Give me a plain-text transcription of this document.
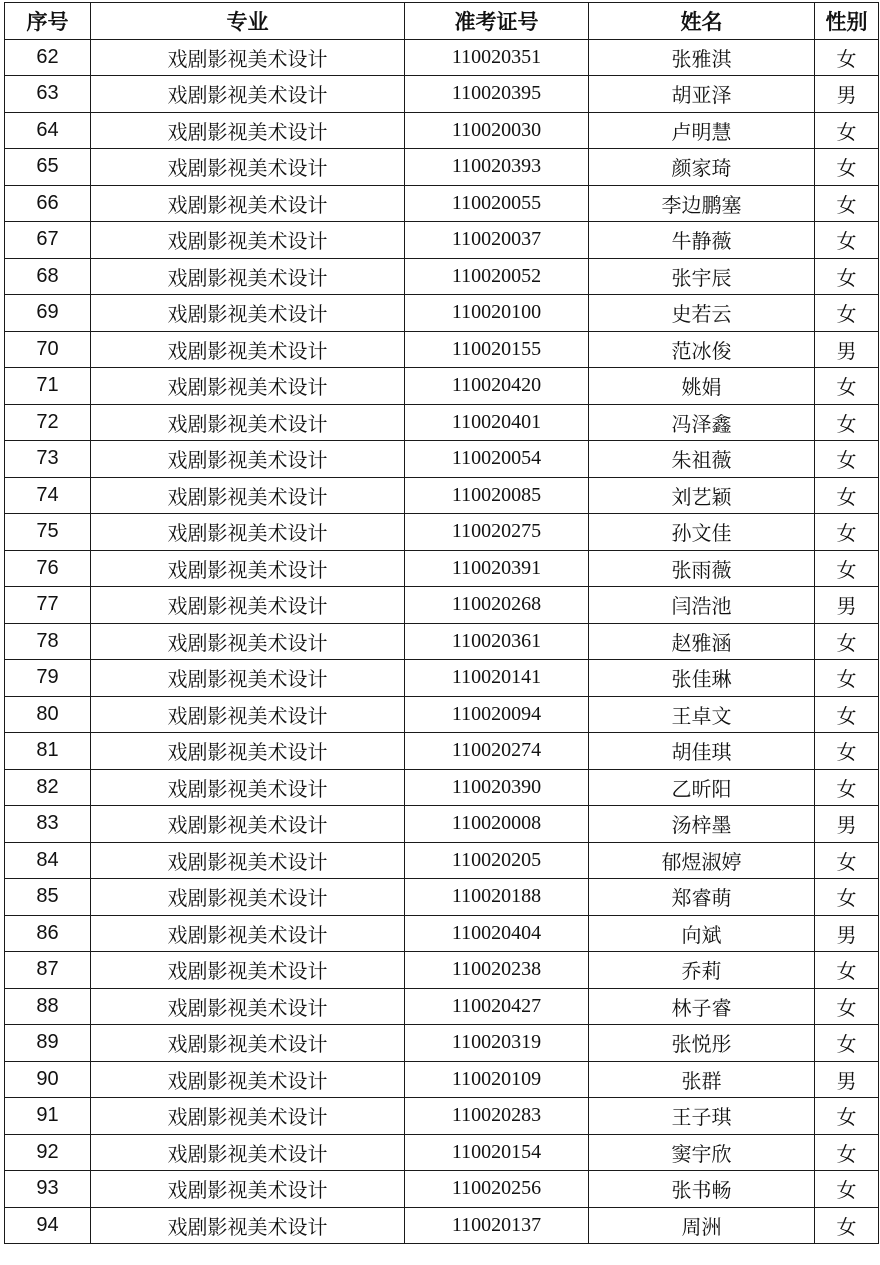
序号	专业	准考证号	姓名	性别
62	戏剧影视美术设计	110020351	张雅淇	女
63	戏剧影视美术设计	110020395	胡亚泽	男
64	戏剧影视美术设计	110020030	卢明慧	女
65	戏剧影视美术设计	110020393	颜家琦	女
66	戏剧影视美术设计	110020055	李边鹏塞	女
67	戏剧影视美术设计	110020037	牛静薇	女
68	戏剧影视美术设计	110020052	张宇辰	女
69	戏剧影视美术设计	110020100	史若云	女
70	戏剧影视美术设计	110020155	范冰俊	男
71	戏剧影视美术设计	110020420	姚娟	女
72	戏剧影视美术设计	110020401	冯泽鑫	女
73	戏剧影视美术设计	110020054	朱祖薇	女
74	戏剧影视美术设计	110020085	刘艺颖	女
75	戏剧影视美术设计	110020275	孙文佳	女
76	戏剧影视美术设计	110020391	张雨薇	女
77	戏剧影视美术设计	110020268	闫浩池	男
78	戏剧影视美术设计	110020361	赵雅涵	女
79	戏剧影视美术设计	110020141	张佳琳	女
80	戏剧影视美术设计	110020094	王卓文	女
81	戏剧影视美术设计	110020274	胡佳琪	女
82	戏剧影视美术设计	110020390	乙昕阳	女
83	戏剧影视美术设计	110020008	汤梓墨	男
84	戏剧影视美术设计	110020205	郁煜淑婷	女
85	戏剧影视美术设计	110020188	郑睿萌	女
86	戏剧影视美术设计	110020404	向斌	男
87	戏剧影视美术设计	110020238	乔莉	女
88	戏剧影视美术设计	110020427	林子睿	女
89	戏剧影视美术设计	110020319	张悦彤	女
90	戏剧影视美术设计	110020109	张群	男
91	戏剧影视美术设计	110020283	王子琪	女
92	戏剧影视美术设计	110020154	窦宇欣	女
93	戏剧影视美术设计	110020256	张书畅	女
94	戏剧影视美术设计	110020137	周洲	女
